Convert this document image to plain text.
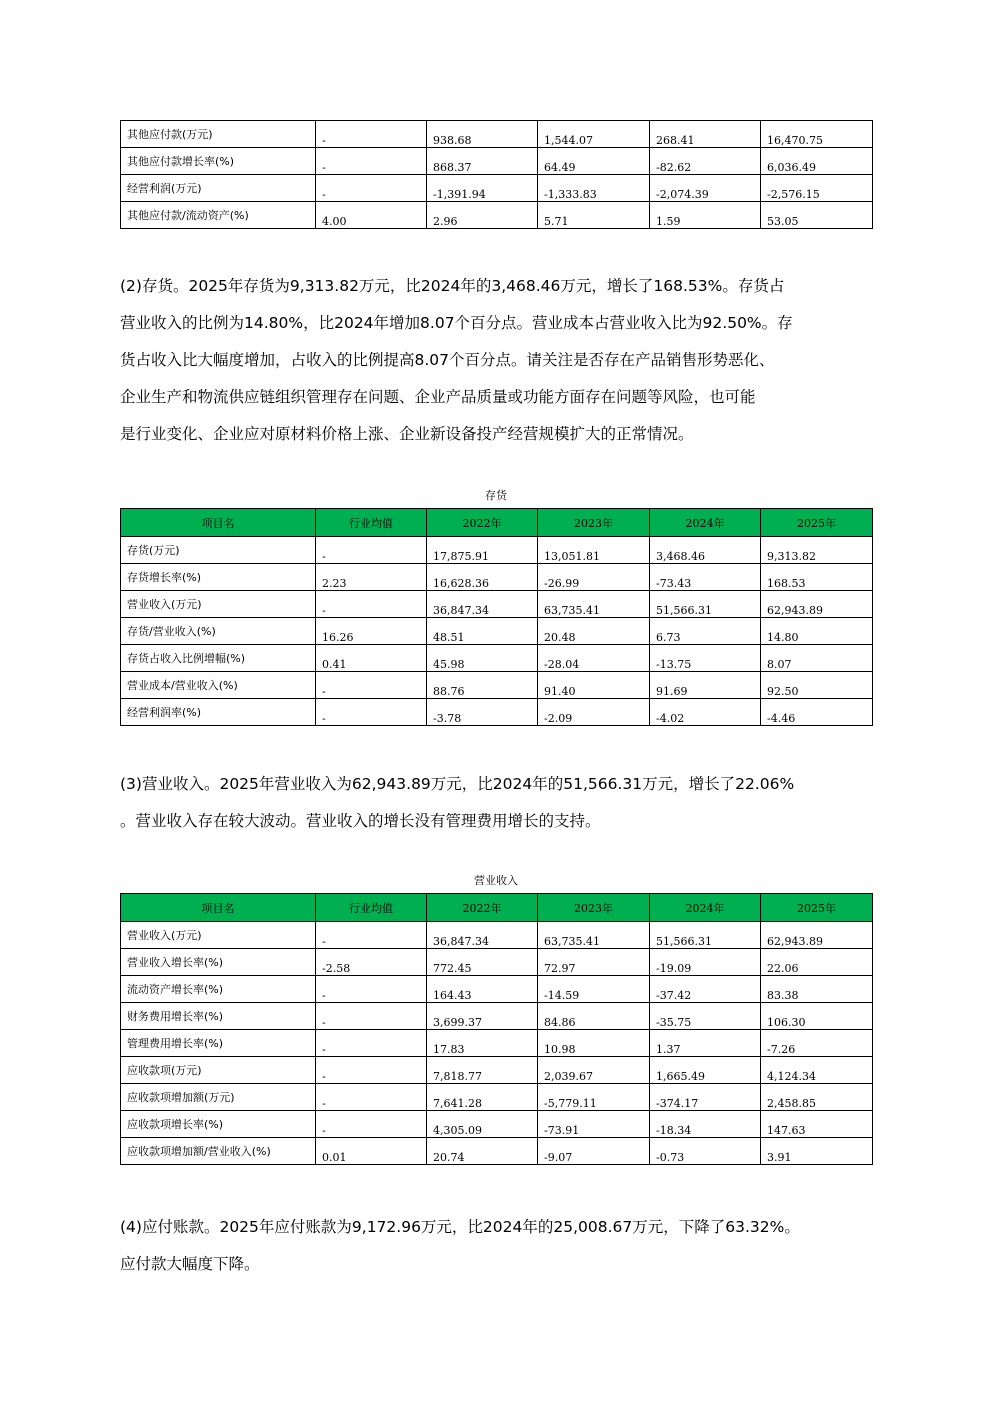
其他应付款(万元)	-	938.68	1,544.07	268.41	16,470.75
其他应付款增长率(%)	-	868.37	64.49	-82.62	6,036.49
经营利润(万元)	-	-1,391.94	-1,333.83	-2,074.39	-2,576.15
其他应付款/流动资产(%)	4.00	2.96	5.71	1.59	53.05
(2)存货。2025年存货为9,313.82万元，比2024年的3,468.46万元，增长了168.53%。存货占
营业收入的比例为14.80%，比2024年增加8.07个百分点。营业成本占营业收入比为92.50%。存
货占收入比大幅度增加，占收入的比例提高8.07个百分点。请关注是否存在产品销售形势恶化、
企业生产和物流供应链组织管理存在问题、企业产品质量或功能方面存在问题等风险，也可能
是行业变化、企业应对原材料价格上涨、企业新设备投产经营规模扩大的正常情况。
存货
项目名	行业均值	2022年	2023年	2024年	2025年
存货(万元)	-	17,875.91	13,051.81	3,468.46	9,313.82
存货增长率(%)	2.23	16,628.36	-26.99	-73.43	168.53
营业收入(万元)	-	36,847.34	63,735.41	51,566.31	62,943.89
存货/营业收入(%)	16.26	48.51	20.48	6.73	14.80
存货占收入比例增幅(%)	0.41	45.98	-28.04	-13.75	8.07
营业成本/营业收入(%)	-	88.76	91.40	91.69	92.50
经营利润率(%)	-	-3.78	-2.09	-4.02	-4.46
(3)营业收入。2025年营业收入为62,943.89万元，比2024年的51,566.31万元，增长了22.06%
。营业收入存在较大波动。营业收入的增长没有管理费用增长的支持。
营业收入
项目名	行业均值	2022年	2023年	2024年	2025年
营业收入(万元)	-	36,847.34	63,735.41	51,566.31	62,943.89
营业收入增长率(%)	-2.58	772.45	72.97	-19.09	22.06
流动资产增长率(%)	-	164.43	-14.59	-37.42	83.38
财务费用增长率(%)	-	3,699.37	84.86	-35.75	106.30
管理费用增长率(%)	-	17.83	10.98	1.37	-7.26
应收款项(万元)	-	7,818.77	2,039.67	1,665.49	4,124.34
应收款项增加额(万元)	-	7,641.28	-5,779.11	-374.17	2,458.85
应收款项增长率(%)	-	4,305.09	-73.91	-18.34	147.63
应收款项增加额/营业收入(%)	0.01	20.74	-9.07	-0.73	3.91
(4)应付账款。2025年应付账款为9,172.96万元，比2024年的25,008.67万元，下降了63.32%。
应付款大幅度下降。
